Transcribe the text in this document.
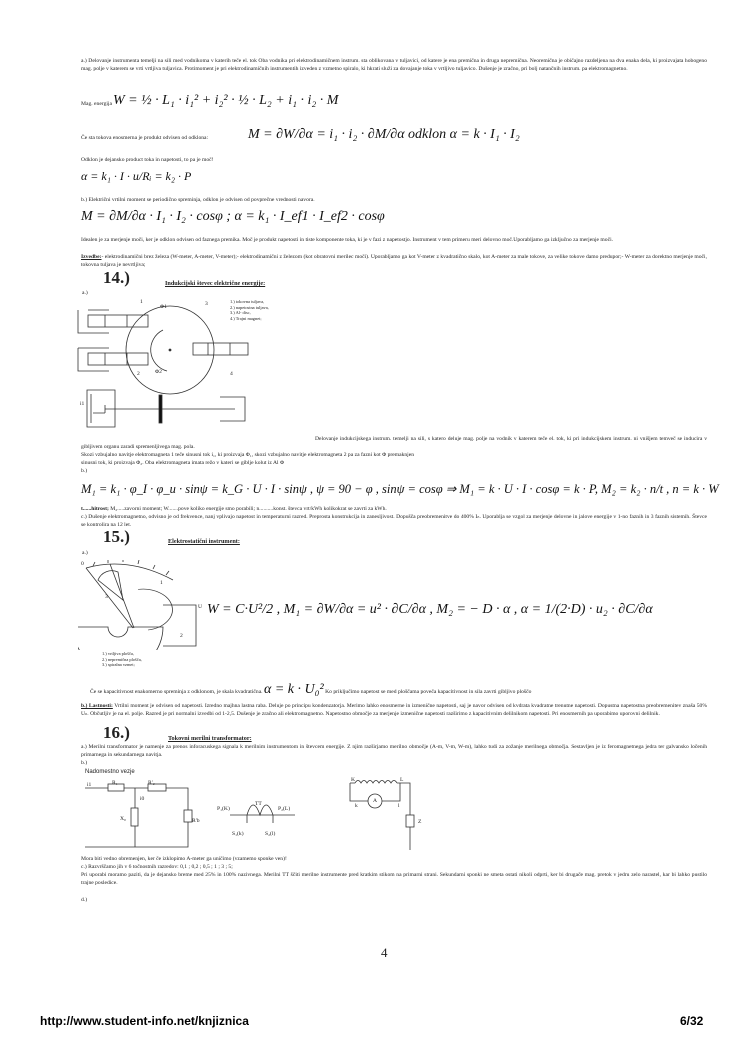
a.) Delovanje instrumenta temelji na sili med vodnikoma v katerih teče el. tok Oba vodnika pri elektrodinamičnem instrum. sta oblikovana v tuljavici, od katere je ena premična in druga nepremična. Neoremična je običajno razdeljena na dva enaka dela, ki proizvajata hobogeno mag. polje v katerem se vrti vrtljiva tuljavica. Protimoment je pri elektrodinamičnih instrumentih izveden z vzmetno spiralo, ki hkrati služi za dovajanje toka v vrtljivo tuljavico. Dušenje je zračno, pri bolj natančnih instrum. pa elektromagnetno.
Mag. energija W = ½ · L₁ · i₁² + i₂² · ½ · L₂ + i₁ · i₂ · M
Če sta tokova enosmerna je produkt odvisen od odklona:	M = ∂W/∂α = i₁ · i₂ · ∂M/∂α odklon α = k · I₁ · I₂
Odklon je dejansko product toka in napetosti, to pa je moč!
α = k₁ · I · u/Rᵢ = k₂ · P
b.) Električni vrtilni moment se periodično spreminja, odklon je odvisen od povprečne vrednosti navora.
M = ∂M/∂α · I₁ · I₂ · cosφ ; α = k₁ · I_ef1 · I_ef2 · cosφ
Idealen je za merjenje moči, ker je odklon odvisen od faznega premika. Moč je produkt napetosti in tiste komponente toka, ki je v fazi z napetostjo. Instrument v tem primeru meri delovno moč.Uporabljamo ga izključno za merjenje moči.
Izvedbe:- elektrodinamični brez železa (W-meter, A-meter, V-meter);- elektrodinamični z železom (kot obratovni merilec moči). Uporabljamo ga kot V-meter z kvadratično skalo, kot A-meter za male tokove, za velike tokove damo predupor;- W-meter za dorektno merjenje moči, tokovna tuljava je nevrtljiva;
14.)	Indukcijski števec električne energije:
a.)
1	3
2	4
Φ1
Φ2
i1
1.) tokovna tuljava,
2.) napetostna tuljava,
3.) Al- disc,
4.) Trajni magnet;
Delovanje indukcijskega instrum. temelji na sili, s katero deluje mag. polje na vodnik v katerem teče el. tok, ki pri indukcijskem instrum. ni vnišjem temveč se inducira v gibljivem organu zaradi spremenljivega mag. pola.
Skozi vzbujalno navitje elektromagneta 1 teče sinusni tok i₁, ki proizvaja Φ₁, skozi vzbujalno navitje elektromagneta 2 pa za fazni kot Φ premaknjen
sinusni tok, ki proizvaja Φ₂. Oba elektromagneta imata režo v kateri se giblje kolut iz Al Φ
b.)
M₁ = k₁ · φ_I · φ_u · sinψ = k_G · U · I · sinψ , ψ = 90 − φ , sinψ = cosφ ⇒ M₁ = k · U · I · cosφ = k · P, M₂ = k₂ · n/t , n = k · W
t......hitrost; M₂.....zavorni moment; W.......pove koliko energije smo porabili; n..........konst. števca vrt/kWh kolikokrat se zavrti za kWh.
c.) Dušenje elektromagnetno, odvisno je od frekvence, nanj vplivajo napetost in temperaturni razred. Preprosta konstrukcija in zanesljivost. Dopušča preobremenitve do 400% Iₙ. Uporablja se vzgol za merjenje delovne in jalove energije v 1-no faznih in 3 faznih sistemih. Števce se kontrolira na 12 let.
15.)	Elektrostatični instrument:
a.)
0
1
2
3
U W = C·U²/2 , M₁ = ∂W/∂α = u² · ∂C/∂α , M₂ = − D · α , α = 1/(2·D) · u₂ · ∂C/∂α
1.) vrtljiva plošča,
2.) nepremična plošča,
3.) spiralna vzmet;
Če se kapacitivnost enakomerno spreminja z odklonom, je skala kvadratična. α = k · U₀² Ko priključimo napetost se med ploščama poveča kapacitivnost in sila zavrti gibljivo ploščo
b.) Lastnosti: Vrtilni moment je odvisen od napetosti. Izredno majhna lastna raba. Deluje po principu kondenzatorja. Merimo lahko enosmerne in izmenične napetosti, saj je navor odvisen od kvdrata kvadratne trenutne napetosti. Dopustna napetostna preobremenitev znaša 50% Uₙ. Občutljiv je na el. polje. Razred je pri normalni izvedbi od 1-2,5. Dušenje je zračno ali elektromagnetno. Napetostno območje za merjenje izmenične napetosti razširimo z kapacitivnim delilnikom napetosti. Pri enosmernih pa uporabimo uporovni delilnik.
16.)	Tokovni merilni transformator:
a.) Merilni transformator je namenje za prenos inforacuskega signala k merilnim instrumentom in števcem energije. Z njim razširjamo merilno območje (A-m, V-m, W-m), lahko tudi za zožanje merilnega območja. Sestavljen je iz feromagnetnega jedra ter galvansko ločenih primarnega in sekundarnega navitja.
b.)
Nadomestno vezje
i1	R₁	R'₂
i0
X₀	R'b
TT
P₁(K)	P₂(L)
S₁(k)	S₂(l)
K	L
k	l
A
Z
Mora biti vedno obremenjen, ker če izklopimo A-meter ga uničimo (vzamemo sponke ven)!
c.) Razvrščamo jih v 6 točnostnih razredov: 0,1 ; 0,2 ; 0,5 ; 1 ; 3 ; 5;
Pri uporabi moramo paziti, da je dejansko breme med 25% in 100% nazivnega. Merilni TT ščiti merilne instrumente pred kratkim stikom na primarni strani. Sekundarni sponki ne smeta ostati nikoli odprti, ker bi drugače mag. pretok v jedru zelo narastel, kar bi lahko pustilo trajne posledice.
d.)
4
http://www.student-info.net/knjiznica	6/32
